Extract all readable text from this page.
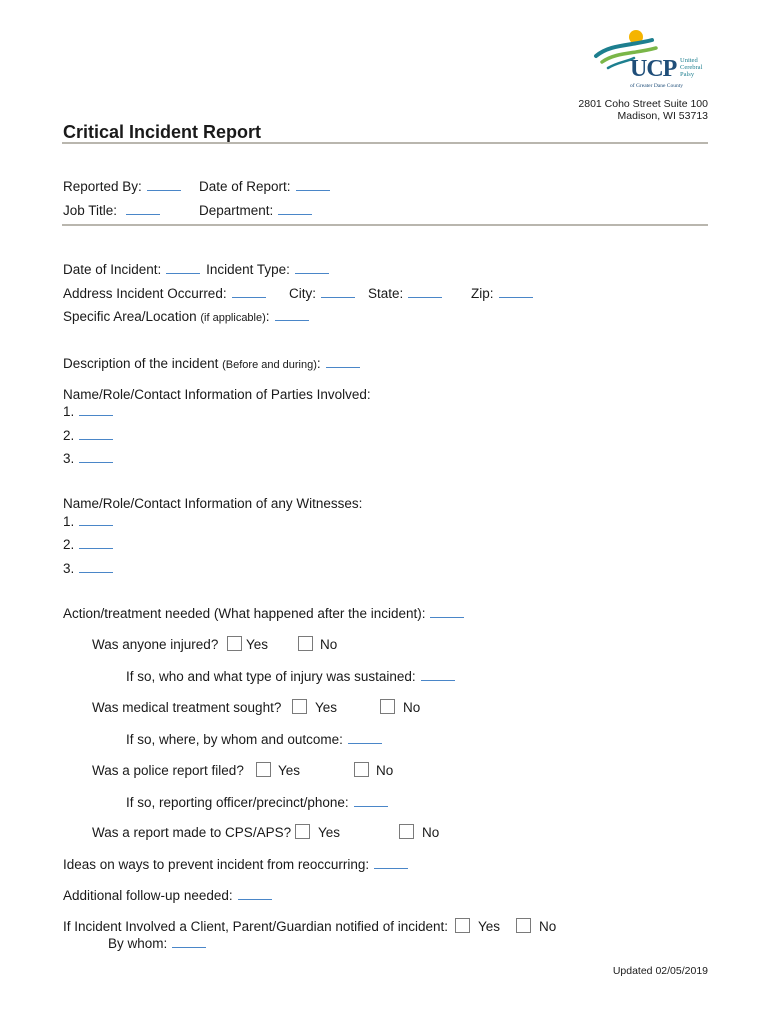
UCP United
Cerebral
Palsy
of Greater Dane County
2801 Coho Street Suite 100
Madison, WI 53713
Critical Incident Report
Reported By:	Date of Report:
Job Title:	Department:
Date of Incident:	Incident Type:
Address Incident Occurred:	City:	State:	Zip:
Specific Area/Location (if applicable):
Description of the incident (Before and during):
Name/Role/Contact Information of Parties Involved:
1.
2.
3.
Name/Role/Contact Information of any Witnesses:
1.
2.
3.
Action/treatment needed (What happened after the incident):
Was anyone injured? Yes	No
If so, who and what type of injury was sustained:
Was medical treatment sought? Yes	No
If so, where, by whom and outcome:
Was a police report filed?	Yes	No
If so, reporting officer/precinct/phone:
Was a report made to CPS/APS? Yes	No
Ideas on ways to prevent incident from reoccurring:
Additional follow-up needed:
If Incident Involved a Client, Parent/Guardian notified of incident: Yes	No
By whom:
Updated 02/05/2019
